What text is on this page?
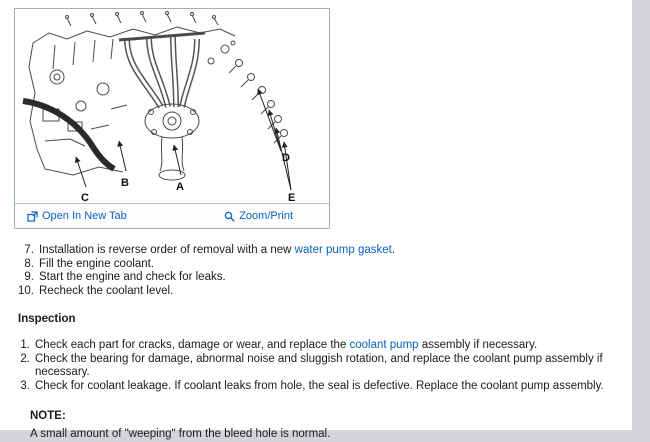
A
B
C
D
E
Open In New Tab	Zoom/Print
7. Installation is reverse order of removal with a new water pump gasket.
8. Fill the engine coolant.
9. Start the engine and check for leaks.
10. Recheck the coolant level.
Inspection
1. Check each part for cracks, damage or wear, and replace the coolant pump assembly if necessary.
2. Check the bearing for damage, abnormal noise and sluggish rotation, and replace the coolant pump assembly if necessary.
3. Check for coolant leakage. If coolant leaks from hole, the seal is defective. Replace the coolant pump assembly.
NOTE:
A small amount of "weeping" from the bleed hole is normal.
